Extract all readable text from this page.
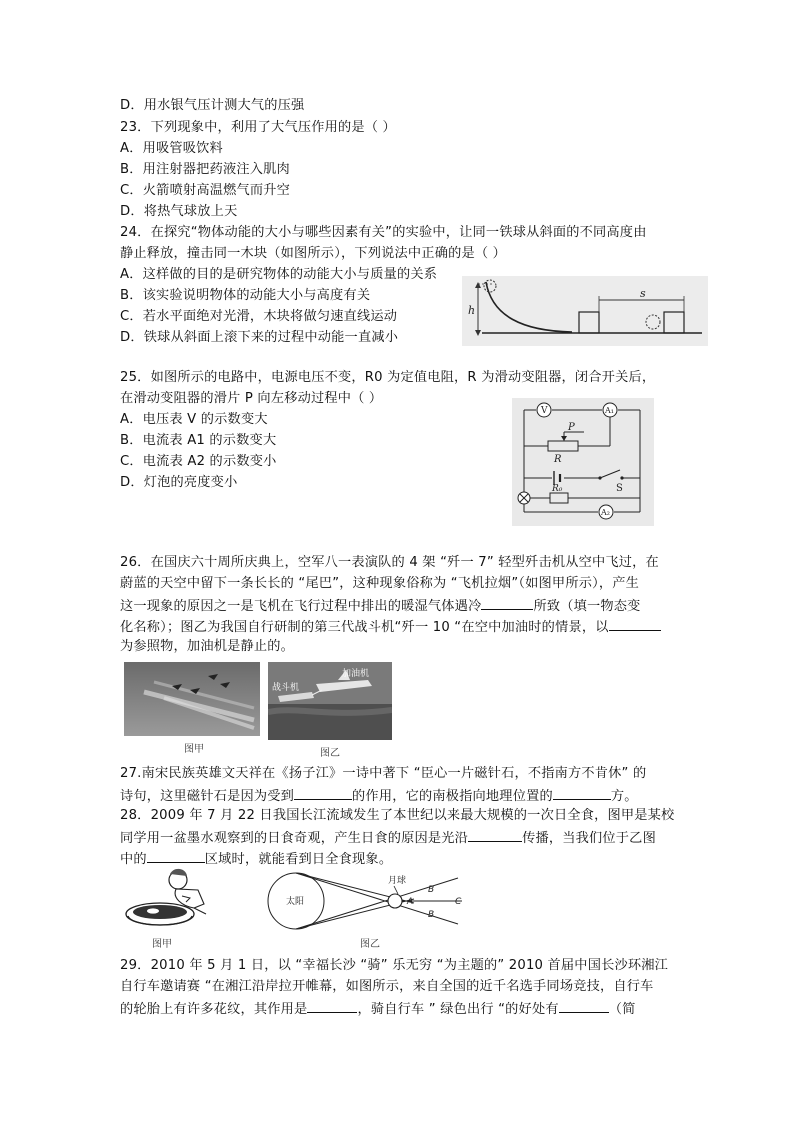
D．用水银气压计测大气的压强
23．下列现象中，利用了大气压作用的是（ ）
A．用吸管吸饮料
B．用注射器把药液注入肌肉
C．火箭喷射高温燃气而升空
D．将热气球放上天
24．在探究“物体动能的大小与哪些因素有关”的实验中，让同一铁球从斜面的不同高度由
静止释放，撞击同一木块（如图所示），下列说法中正确的是（ ）
A．这样做的目的是研究物体的动能大小与质量的关系
B．该实验说明物体的动能大小与高度有关
C．若水平面绝对光滑，木块将做匀速直线运动
D．铁球从斜面上滚下来的过程中动能一直减小
h
s
25．如图所示的电路中，电源电压不变，R0 为定值电阻，R 为滑动变阻器，闭合开关后，
在滑动变阻器的滑片 P 向左移动过程中（ ）
A．电压表 V 的示数变大
B．电流表 A1 的示数变大
C．电流表 A2 的示数变小
D．灯泡的亮度变小
V	A₁
A₂
P
R
R₀	S
26．在国庆六十周所庆典上，空军八一表演队的 4 架 “歼一 7” 轻型歼击机从空中飞过，在
蔚蓝的天空中留下一条长长的 “尾巴”，这种现象俗称为 “飞机拉烟”（如图甲所示），产生
这一现象的原因之一是飞机在飞行过程中排出的暖湿气体遇冷	所致（填一物态变
化名称）；图乙为我国自行研制的第三代战斗机“歼一 10 “在空中加油时的情景，以
为参照物，加油机是静止的。
图甲
战斗机
加油机
图乙
27.南宋民族英雄文天祥在《扬子江》一诗中著下 “臣心一片磁针石，不指南方不肯休” 的
诗句，这里磁针石是因为受到	的作用，它的南极指向地理位置的	方。
28．2009 年 7 月 22 日我国长江流域发生了本世纪以来最大规模的一次日全食，图甲是某校
同学用一盆墨水观察到的日食奇观，产生日食的原因是光沿	传播，当我们位于乙图
中的	区域时，就能看到日全食现象。
图甲
太阳
月球
A
B
B
C
图乙
29．2010 年 5 月 1 日，以 “幸福长沙 “骑” 乐无穷 “为主题的” 2010 首届中国长沙环湘江
自行车邀请赛 “在湘江沿岸拉开帷幕，如图所示，来自全国的近千名选手同场竞技，自行车
的轮胎上有许多花纹，其作用是	，骑自行车 ” 绿色出行 “的好处有	（简
